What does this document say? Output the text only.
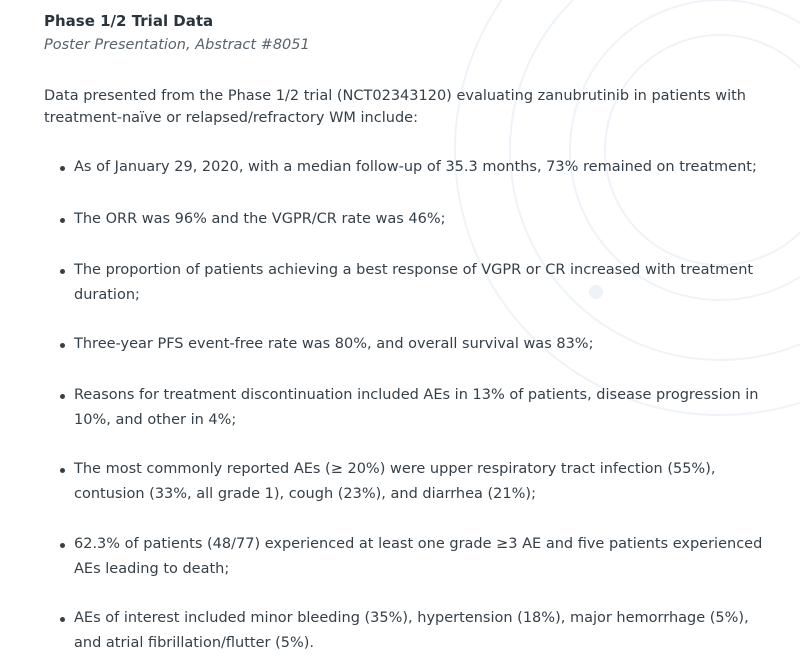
Phase 1/2 Trial Data

Poster Presentation, Abstract #8051

Data presented from the Phase 1/2 trial (NCT02343120) evaluating zanubrutinib in patients with treatment-naïve or relapsed/refractory WM include:

As of January 29, 2020, with a median follow-up of 35.3 months, 73% remained on treatment;
The ORR was 96% and the VGPR/CR rate was 46%;
The proportion of patients achieving a best response of VGPR or CR increased with treatment duration;
Three-year PFS event-free rate was 80%, and overall survival was 83%;
Reasons for treatment discontinuation included AEs in 13% of patients, disease progression in 10%, and other in 4%;
The most commonly reported AEs (≥ 20%) were upper respiratory tract infection (55%), contusion (33%, all grade 1), cough (23%), and diarrhea (21%);
62.3% of patients (48/77) experienced at least one grade ≥3 AE and five patients experienced AEs leading to death;
AEs of interest included minor bleeding (35%), hypertension (18%), major hemorrhage (5%), and atrial fibrillation/flutter (5%).
